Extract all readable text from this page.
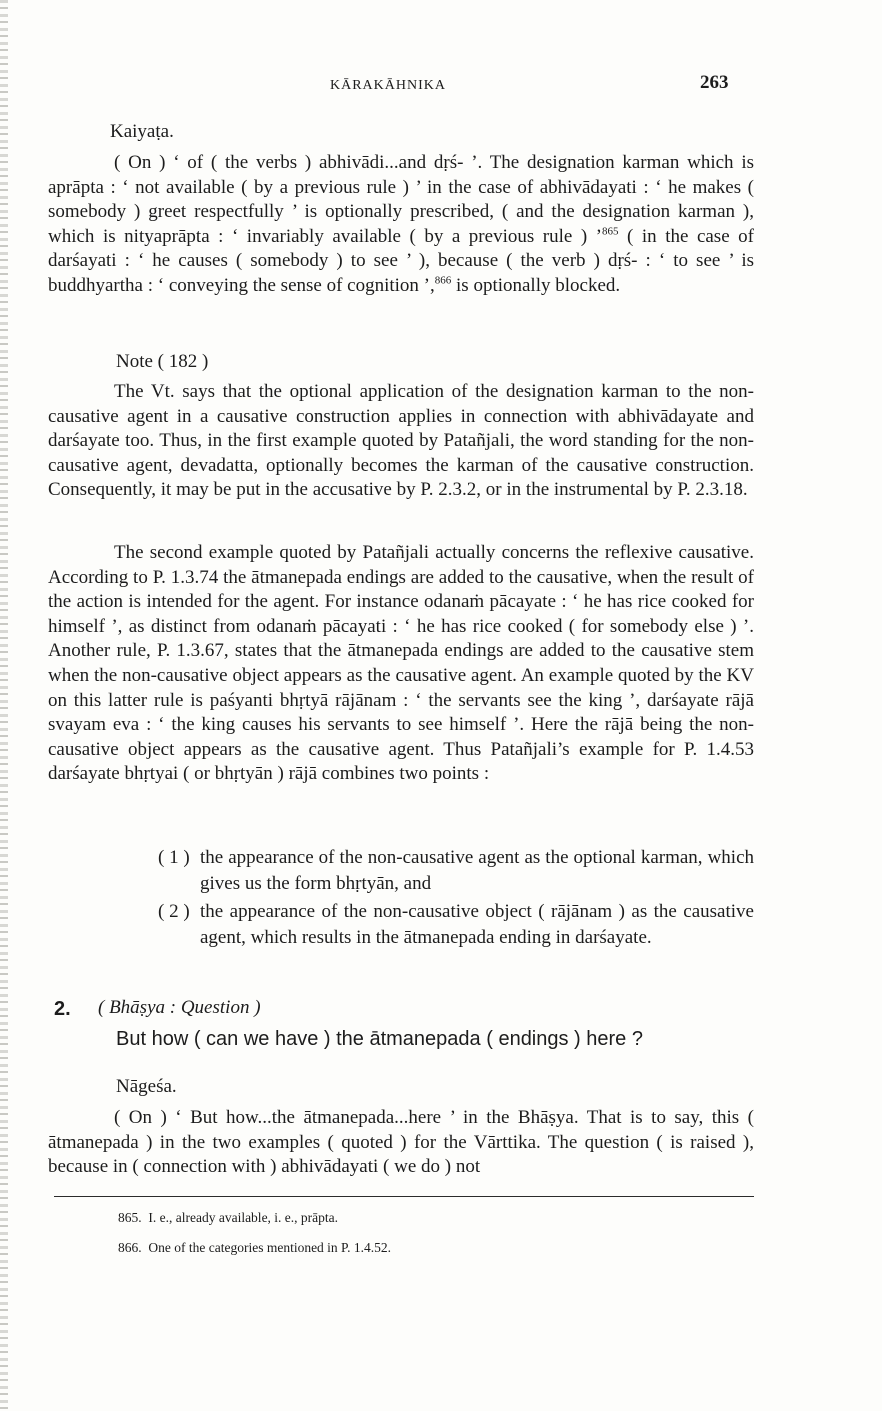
KĀRAKĀHNIKA	263
Kaiyaṭa.

( On ) ‘ of ( the verbs ) abhivādi...and dṛś- ’. The designation karman which is aprāpta : ‘ not available ( by a previous rule ) ’ in the case of abhivādayati : ‘ he makes ( somebody ) greet respectfully ’ is optionally prescribed, ( and the designation karman ), which is nityaprāpta : ‘ invariably available ( by a previous rule ) ’$^{865}$ ( in the case of darśayati : ‘ he causes ( somebody ) to see ’ ), because ( the verb ) dṛś- : ‘ to see ’ is buddhyartha : ‘ conveying the sense of cognition ’,$^{866}$ is optionally blocked.

Note ( 182 )

The Vt. says that the optional application of the designation karman to the non-causative agent in a causative construction applies in connection with abhivādayate and darśayate too. Thus, in the first example quoted by Patañjali, the word standing for the non-causative agent, devadatta, optionally becomes the karman of the causative construction. Consequently, it may be put in the accusative by P. 2.3.2, or in the instrumental by P. 2.3.18.

The second example quoted by Patañjali actually concerns the reflexive causative. According to P. 1.3.74 the ātmanepada endings are added to the causative, when the result of the action is intended for the agent. For instance odanaṁ pācayate : ‘ he has rice cooked for himself ’, as distinct from odanaṁ pācayati : ‘ he has rice cooked ( for somebody else ) ’. Another rule, P. 1.3.67, states that the ātmanepada endings are added to the causative stem when the non-causative object appears as the causative agent. An example quoted by the KV on this latter rule is paśyanti bhṛtyā rājānam : ‘ the servants see the king ’, darśayate rājā svayam eva : ‘ the king causes his servants to see himself ’. Here the rājā being the non-causative object appears as the causative agent. Thus Patañjali’s example for P. 1.4.53 darśayate bhṛtyai ( or bhṛtyān ) rājā combines two points :

( 1 ) the appearance of the non-causative agent as the optional karman, which gives us the form bhṛtyān, and
( 2 ) the appearance of the non-causative object ( rājānam ) as the causative agent, which results in the ātmanepada ending in darśayate.
2. ( Bhāṣya : Question )
But how ( can we have ) the ātmanepada ( endings ) here ?
Nāgeśa.

( On ) ‘ But how...the ātmanepada...here ’ in the Bhāṣya. That is to say, this ( ātmanepada ) in the two examples ( quoted ) for the Vārttika. The question ( is raised ), because in ( connection with ) abhivādayati ( we do ) not

865. I. e., already available, i. e., prāpta.
866. One of the categories mentioned in P. 1.4.52.
